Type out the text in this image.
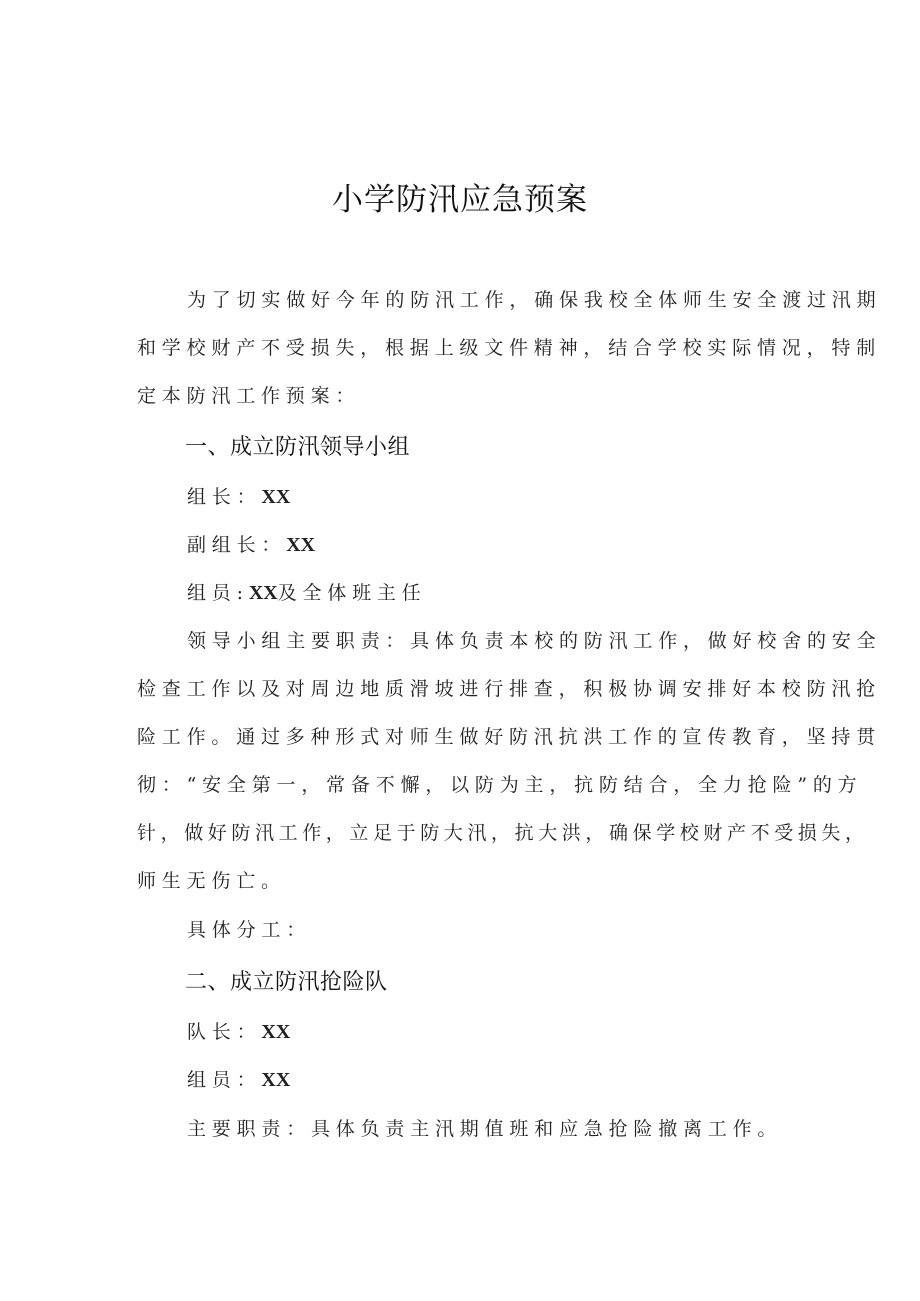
小学防汛应急预案
为了切实做好今年的防汛工作，确保我校全体师生安全渡过汛期
和学校财产不受损失，根据上级文件精神，结合学校实际情况，特制
定本防汛工作预案：
一、成立防汛领导小组
组长：XX
副组长：XX
组员:XX及全体班主任
领导小组主要职责：具体负责本校的防汛工作，做好校舍的安全
检查工作以及对周边地质滑坡进行排查，积极协调安排好本校防汛抢
险工作。通过多种形式对师生做好防汛抗洪工作的宣传教育，坚持贯
彻：“安全第一，常备不懈，以防为主，抗防结合，全力抢险”的方
针，做好防汛工作，立足于防大汛，抗大洪，确保学校财产不受损失，
师生无伤亡。
具体分工：
二、成立防汛抢险队
队长：XX
组员：XX
主要职责：具体负责主汛期值班和应急抢险撤离工作。
